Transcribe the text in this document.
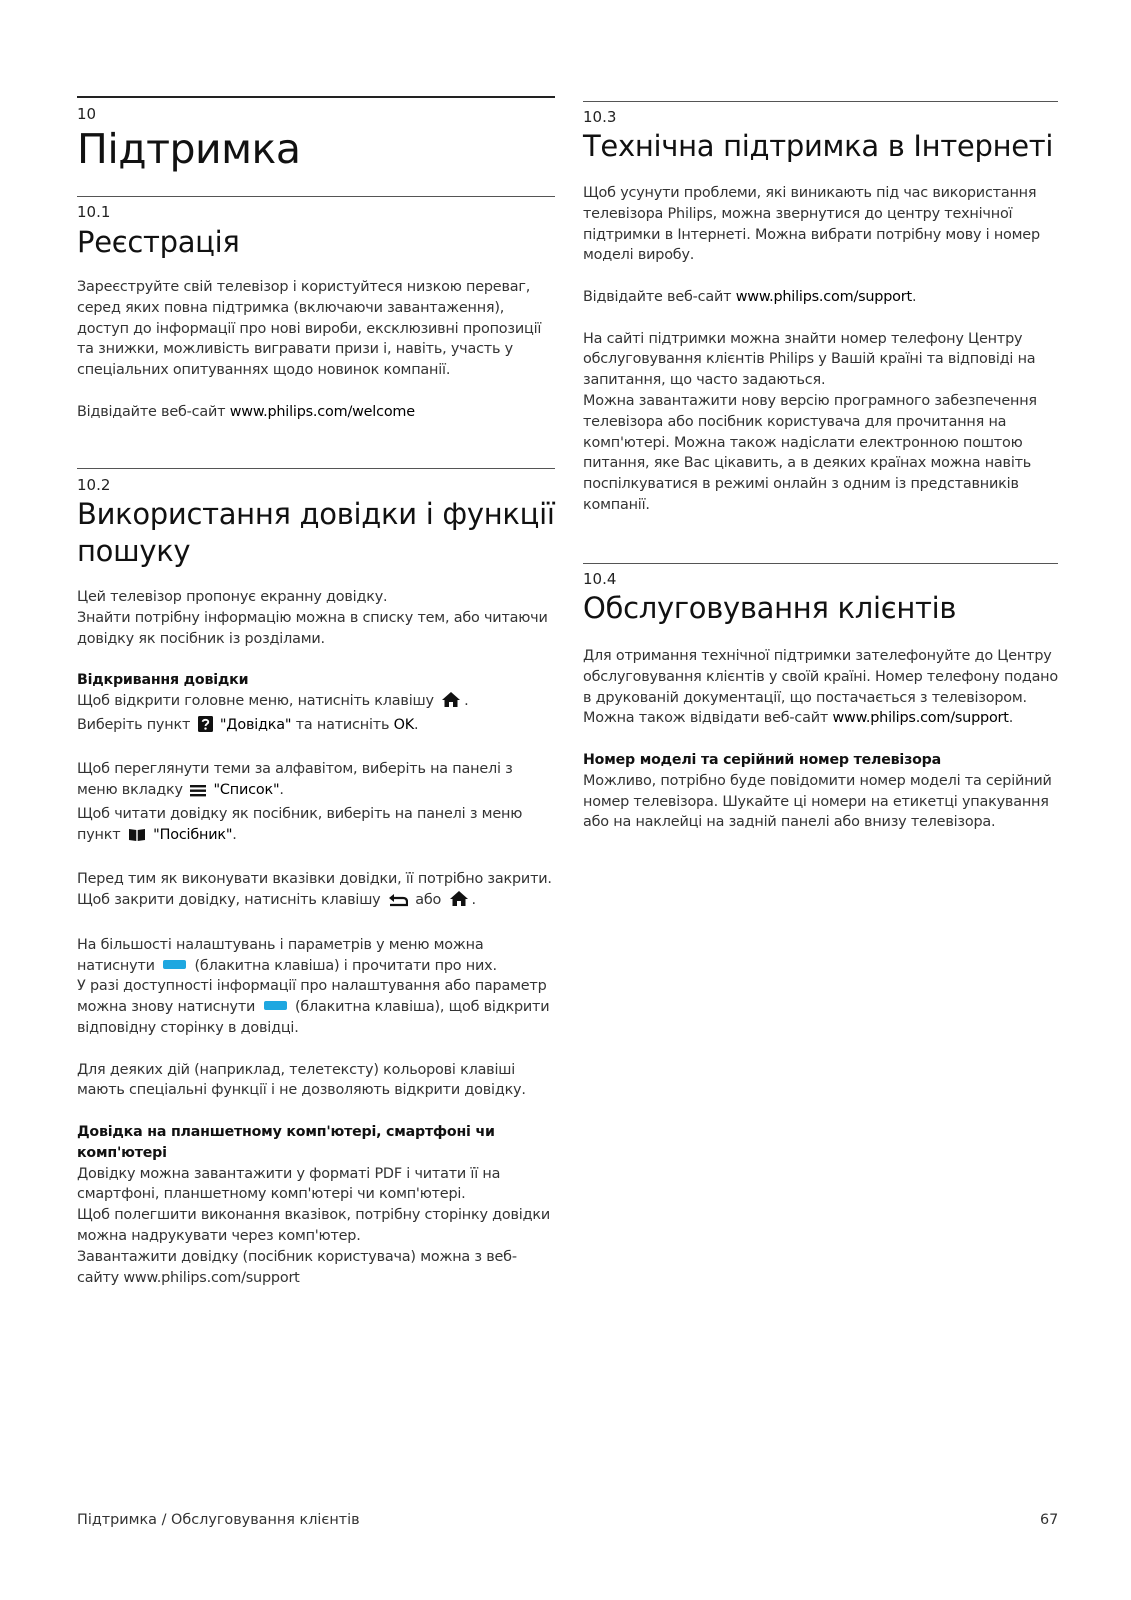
10
Підтримка
10.1
Реєстрація

Зареєструйте свій телевізор і користуйтеся низкою переваг, серед яких повна підтримка (включаючи завантаження), доступ до інформації про нові вироби, ексклюзивні пропозиції та знижки, можливість вигравати призи і, навіть, участь у спеціальних опитуваннях щодо новинок компанії.

Відвідайте веб-сайт www.philips.com/welcome

10.2
Використання довідки і функції пошуку

Цей телевізор пропонує екранну довідку.

Знайти потрібну інформацію можна в списку тем, або читаючи довідку як посібник із розділами.

Відкривання довідки

Щоб відкрити головне меню, натисніть клавішу .

Виберіть пункт  "Довідка" та натисніть OK.

Щоб переглянути теми за алфавітом, виберіть на панелі з меню вкладку  "Список".

Щоб читати довідку як посібник, виберіть на панелі з меню пункт  "Посібник".

Перед тим як виконувати вказівки довідки, її потрібно закрити.

Щоб закрити довідку, натисніть клавішу  або .

На більшості налаштувань і параметрів у меню можна натиснути  (блакитна клавіша) і прочитати про них.

У разі доступності інформації про налаштування або параметр можна знову натиснути  (блакитна клавіша), щоб відкрити відповідну сторінку в довідці.

Для деяких дій (наприклад, телетексту) кольорові клавіші мають спеціальні функції і не дозволяють відкрити довідку.

Довідка на планшетному комп'ютері, смартфоні чи комп'ютері

Довідку можна завантажити у форматі PDF і читати її на смартфоні, планшетному комп'ютері чи комп'ютері.

Щоб полегшити виконання вказівок, потрібну сторінку довідки можна надрукувати через комп'ютер.

Завантажити довідку (посібник користувача) можна з веб-сайту www.philips.com/support

10.3
Технічна підтримка в Інтернеті

Щоб усунути проблеми, які виникають під час використання телевізора Philips, можна звернутися до центру технічної підтримки в Інтернеті. Можна вибрати потрібну мову і номер моделі виробу.

Відвідайте веб-сайт www.philips.com/support.

На сайті підтримки можна знайти номер телефону Центру обслуговування клієнтів Philips у Вашій країні та відповіді на запитання, що часто задаються.

Можна завантажити нову версію програмного забезпечення телевізора або посібник користувача для прочитання на комп'ютері. Можна також надіслати електронною поштою питання, яке Вас цікавить, а в деяких країнах можна навіть поспілкуватися в режимі онлайн з одним із представників компанії.

10.4
Обслуговування клієнтів

Для отримання технічної підтримки зателефонуйте до Центру обслуговування клієнтів у своїй країні. Номер телефону подано в друкованій документації, що постачається з телевізором.

Можна також відвідати веб-сайт www.philips.com/support.

Номер моделі та серійний номер телевізора

Можливо, потрібно буде повідомити номер моделі та серійний номер телевізора. Шукайте ці номери на етикетці упакування або на наклейці на задній панелі або внизу телевізора.

Підтримка / Обслуговування клієнтів	67
